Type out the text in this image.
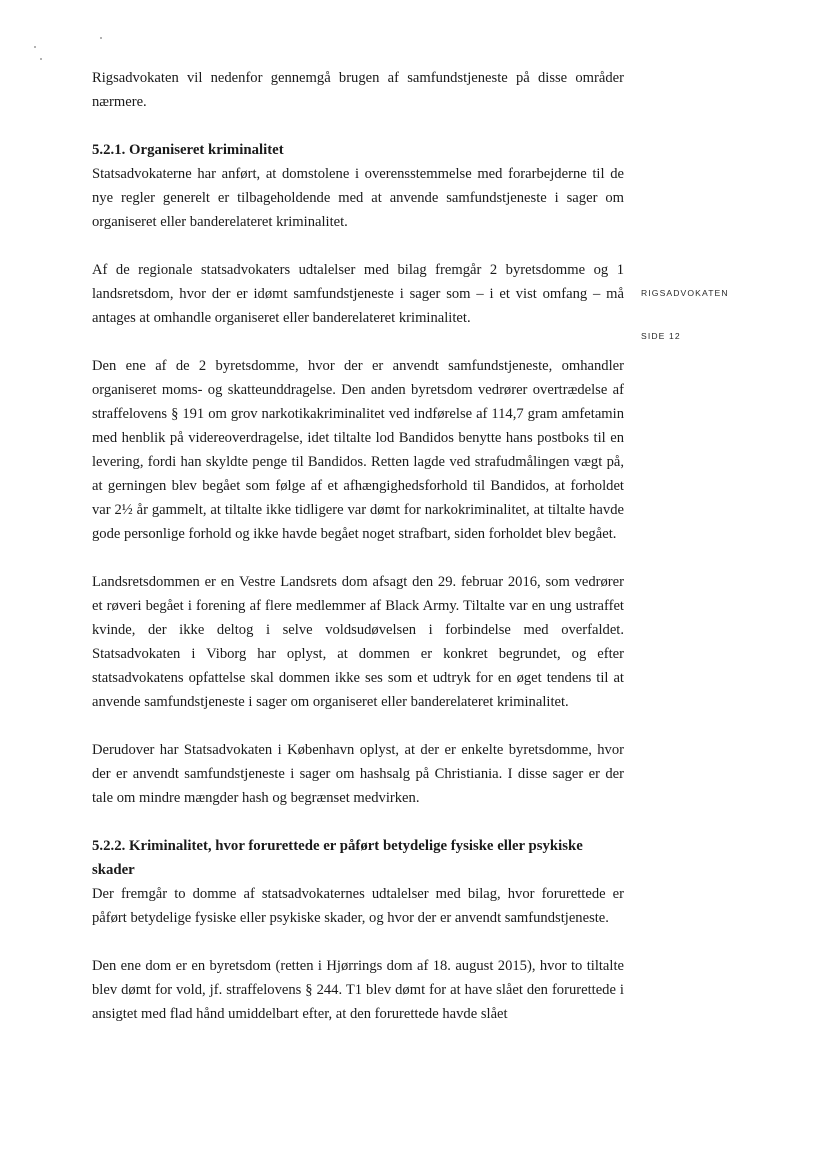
RIGSADVOKATEN
SIDE 12

Rigsadvokaten vil nedenfor gennemgå brugen af samfundstjeneste på disse områder nærmere.

5.2.1. Organiseret kriminalitet

Statsadvokaterne har anført, at domstolene i overensstemmelse med forarbejderne til de nye regler generelt er tilbageholdende med at anvende samfundstjeneste i sager om organiseret eller banderelateret kriminalitet.

Af de regionale statsadvokaters udtalelser med bilag fremgår 2 byretsdomme og 1 landsretsdom, hvor der er idømt samfundstjeneste i sager som – i et vist omfang – må antages at omhandle organiseret eller banderelateret kriminalitet.

Den ene af de 2 byretsdomme, hvor der er anvendt samfundstjeneste, omhandler organiseret moms- og skatteunddragelse. Den anden byretsdom vedrører overtrædelse af straffelovens § 191 om grov narkotikakriminalitet ved indførelse af 114,7 gram amfetamin med henblik på videreoverdragelse, idet tiltalte lod Bandidos benytte hans postboks til en levering, fordi han skyldte penge til Bandidos. Retten lagde ved strafudmålingen vægt på, at gerningen blev begået som følge af et afhængighedsforhold til Bandidos, at forholdet var 2½ år gammelt, at tiltalte ikke tidligere var dømt for narkokriminalitet, at tiltalte havde gode personlige forhold og ikke havde begået noget strafbart, siden forholdet blev begået.

Landsretsdommen er en Vestre Landsrets dom afsagt den 29. februar 2016, som vedrører et røveri begået i forening af flere medlemmer af Black Army. Tiltalte var en ung ustraffet kvinde, der ikke deltog i selve voldsudøvelsen i forbindelse med overfaldet. Statsadvokaten i Viborg har oplyst, at dommen er konkret begrundet, og efter statsadvokatens opfattelse skal dommen ikke ses som et udtryk for en øget tendens til at anvende samfundstjeneste i sager om organiseret eller banderelateret kriminalitet.

Derudover har Statsadvokaten i København oplyst, at der er enkelte byretsdomme, hvor der er anvendt samfundstjeneste i sager om hashsalg på Christiania. I disse sager er der tale om mindre mængder hash og begrænset medvirken.

5.2.2. Kriminalitet, hvor forurettede er påført betydelige fysiske eller psykiske skader

Der fremgår to domme af statsadvokaternes udtalelser med bilag, hvor forurettede er påført betydelige fysiske eller psykiske skader, og hvor der er anvendt samfundstjeneste.

Den ene dom er en byretsdom (retten i Hjørrings dom af 18. august 2015), hvor to tiltalte blev dømt for vold, jf. straffelovens § 244. T1 blev dømt for at have slået den forurettede i ansigtet med flad hånd umiddelbart efter, at den forurettede havde slået
